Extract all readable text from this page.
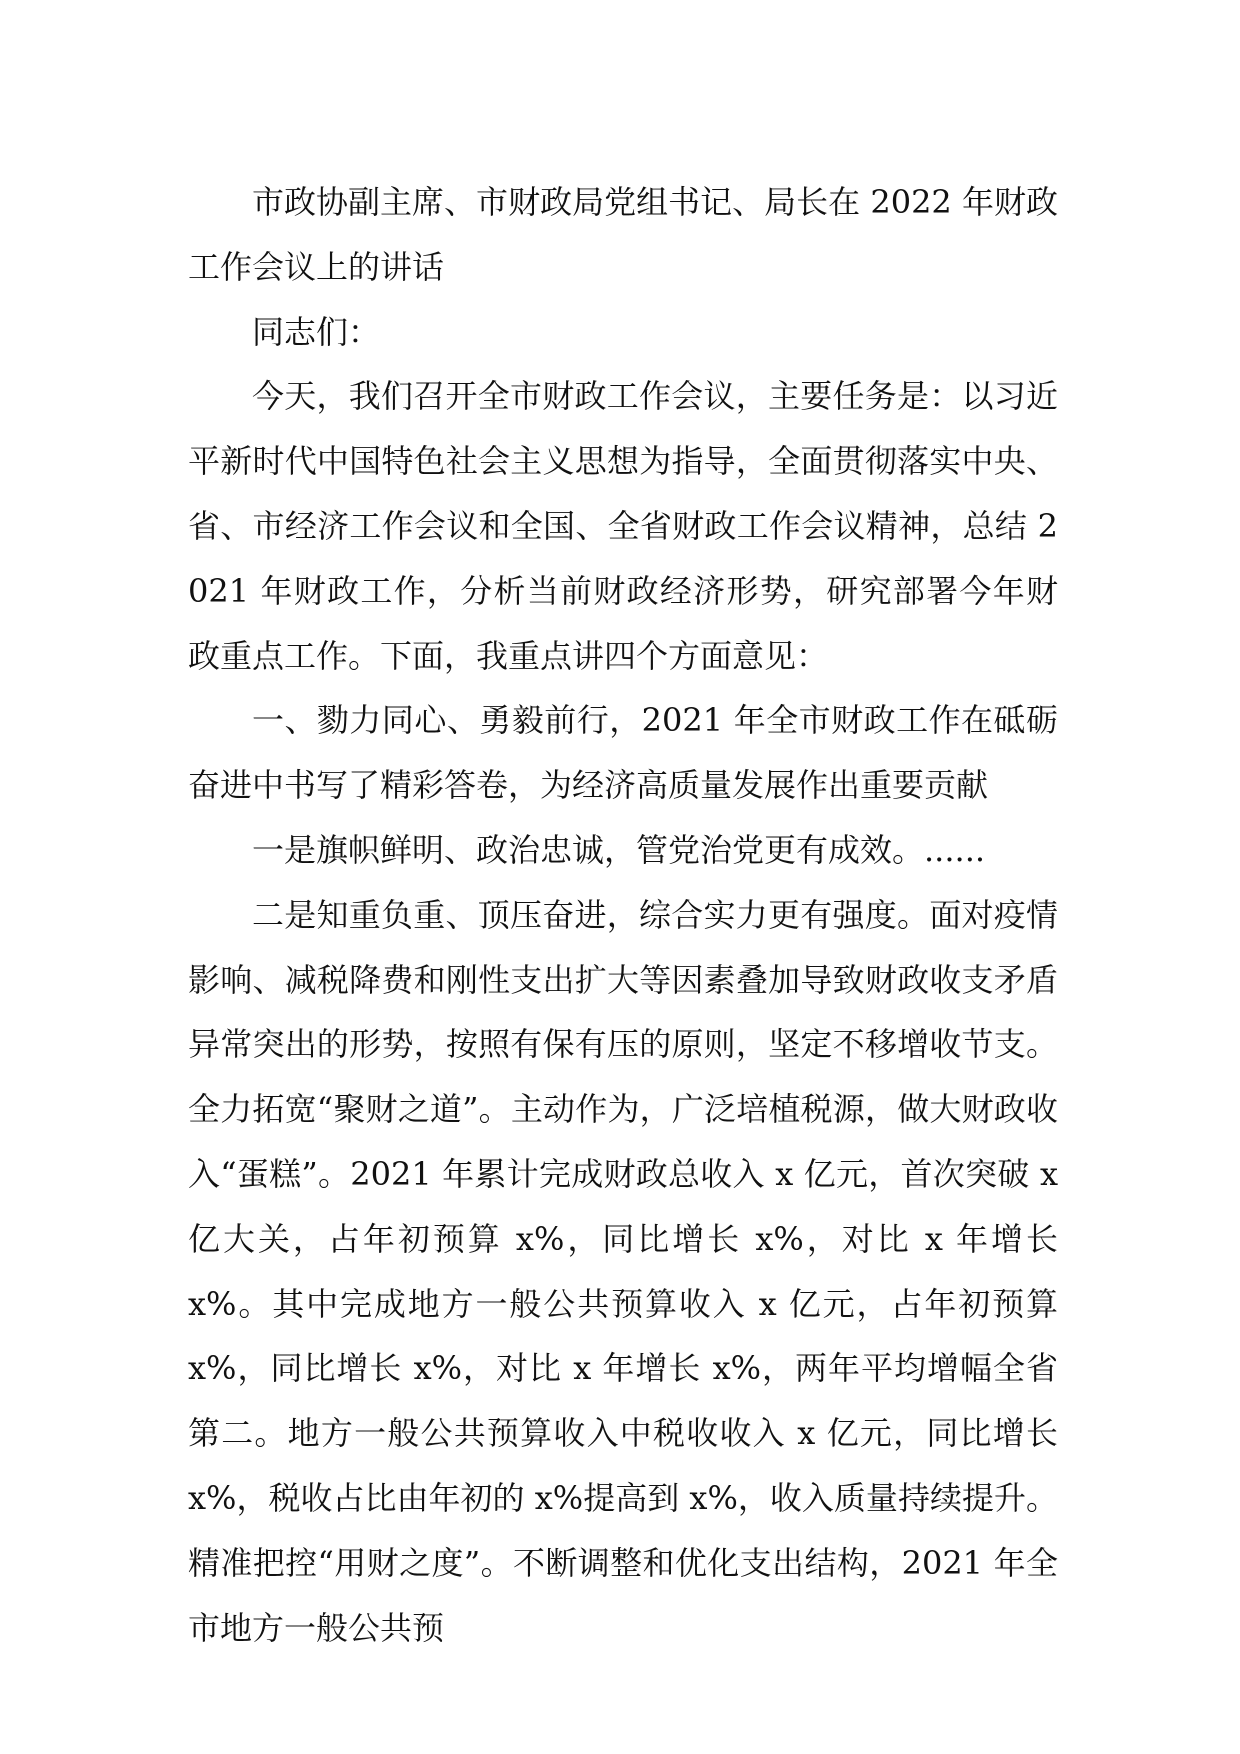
市政协副主席、市财政局党组书记、局长在 2022 年财政工作会议上的讲话

同志们：

今天，我们召开全市财政工作会议，主要任务是：以习近平新时代中国特色社会主义思想为指导，全面贯彻落实中央、省、市经济工作会议和全国、全省财政工作会议精神，总结 2021 年财政工作，分析当前财政经济形势，研究部署今年财政重点工作。下面，我重点讲四个方面意见：

一、勠力同心、勇毅前行，2021 年全市财政工作在砥砺奋进中书写了精彩答卷，为经济高质量发展作出重要贡献

一是旗帜鲜明、政治忠诚，管党治党更有成效。......

二是知重负重、顶压奋进，综合实力更有强度。面对疫情影响、减税降费和刚性支出扩大等因素叠加导致财政收支矛盾异常突出的形势，按照有保有压的原则，坚定不移增收节支。全力拓宽“聚财之道”。主动作为，广泛培植税源，做大财政收入“蛋糕”。2021 年累计完成财政总收入 x 亿元，首次突破 x 亿大关，占年初预算 x%，同比增长 x%，对比 x 年增长 x%。其中完成地方一般公共预算收入 x 亿元，占年初预算 x%，同比增长 x%，对比 x 年增长 x%，两年平均增幅全省第二。地方一般公共预算收入中税收收入 x 亿元，同比增长 x%，税收占比由年初的 x%提高到 x%，收入质量持续提升。精准把控“用财之度”。不断调整和优化支出结构，2021 年全市地方一般公共预
